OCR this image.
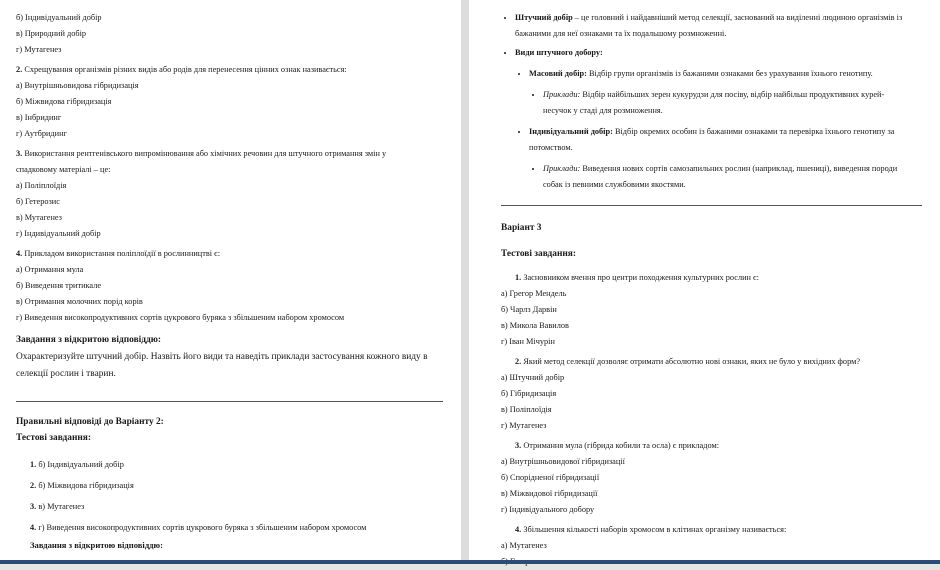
б) Індивідуальний добір
в) Природний добір
г) Мутагенез
2. Схрещування організмів різних видів або родів для перенесення цінних ознак називається:
а) Внутрішньовидова гібридизація
б) Міжвидова гібридизація
в) Інбридинг
г) Аутбридинг
3. Використання рентгенівського випромінювання або хімічних речовин для штучного отримання змін у
спадковому матеріалі – це:
а) Поліплоїдія
б) Гетерозис
в) Мутагенез
г) Індивідуальний добір
4. Прикладом використання поліплоїдії в рослинництві є:
а) Отримання мула
б) Виведення тритикале
в) Отримання молочних порід корів
г) Виведення високопродуктивних сортів цукрового буряка з збільшеним набором хромосом
Завдання з відкритою відповіддю:
Охарактеризуйте штучний добір. Назвіть його види та наведіть приклади застосування кожного виду в
селекції рослин і тварин.
Правильні відповіді до Варіанту 2:
Тестові завдання:
1. б) Індивідуальний добір
2. б) Міжвидова гібридизація
3. в) Мутагенез
4. г) Виведення високопродуктивних сортів цукрового буряка з збільшеним набором хромосом
Завдання з відкритою відповіддю:
• Штучний добір – це головний і найдавніший метод селекції, заснований на виділенні людиною організмів із
бажаними для неї ознаками та їх подальшому розмноженні.
• Види штучного добору:
• Масовий добір: Відбір групи організмів із бажаними ознаками без урахування їхнього генотипу.
• Приклади: Відбір найбільших зерен кукурудзи для посіву, відбір найбільш продуктивних курей-
несучок у стаді для розмноження.
• Індивідуальний добір: Відбір окремих особин із бажаними ознаками та перевірка їхнього генотипу за
потомством.
• Приклади: Виведення нових сортів самозапильних рослин (наприклад, пшениці), виведення породи
собак із певними службовими якостями.
Варіант 3
Тестові завдання:
1. Засновником вчення про центри походження культурних рослин є:
а) Грегор Мендель
б) Чарлз Дарвін
в) Микола Вавилов
г) Іван Мічурін
2. Який метод селекції дозволяє отримати абсолютно нові ознаки, яких не було у вихідних форм?
а) Штучний добір
б) Гібридизація
в) Поліплоїдія
г) Мутагенез
3. Отримання мула (гібрида кобили та осла) є прикладом:
а) Внутрішньовидової гібридизації
б) Спорідненої гібридизації
в) Міжвидової гібридизації
г) Індивідуального добору
4. Збільшення кількості наборів хромосом в клітинах організму називається:
а) Мутагенез
